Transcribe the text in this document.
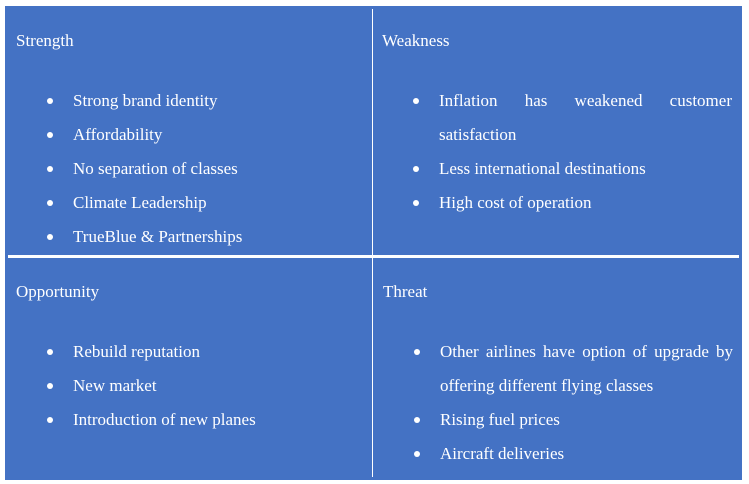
Strength
Strong brand identity
Affordability
No separation of classes
Climate Leadership
TrueBlue & Partnerships
Weakness
Inflation has weakened customer satisfaction
Less international destinations
High cost of operation
Opportunity
Rebuild reputation
New market
Introduction of new planes
Threat
Other airlines have option of upgrade by offering different flying classes
Rising fuel prices
Aircraft deliveries
